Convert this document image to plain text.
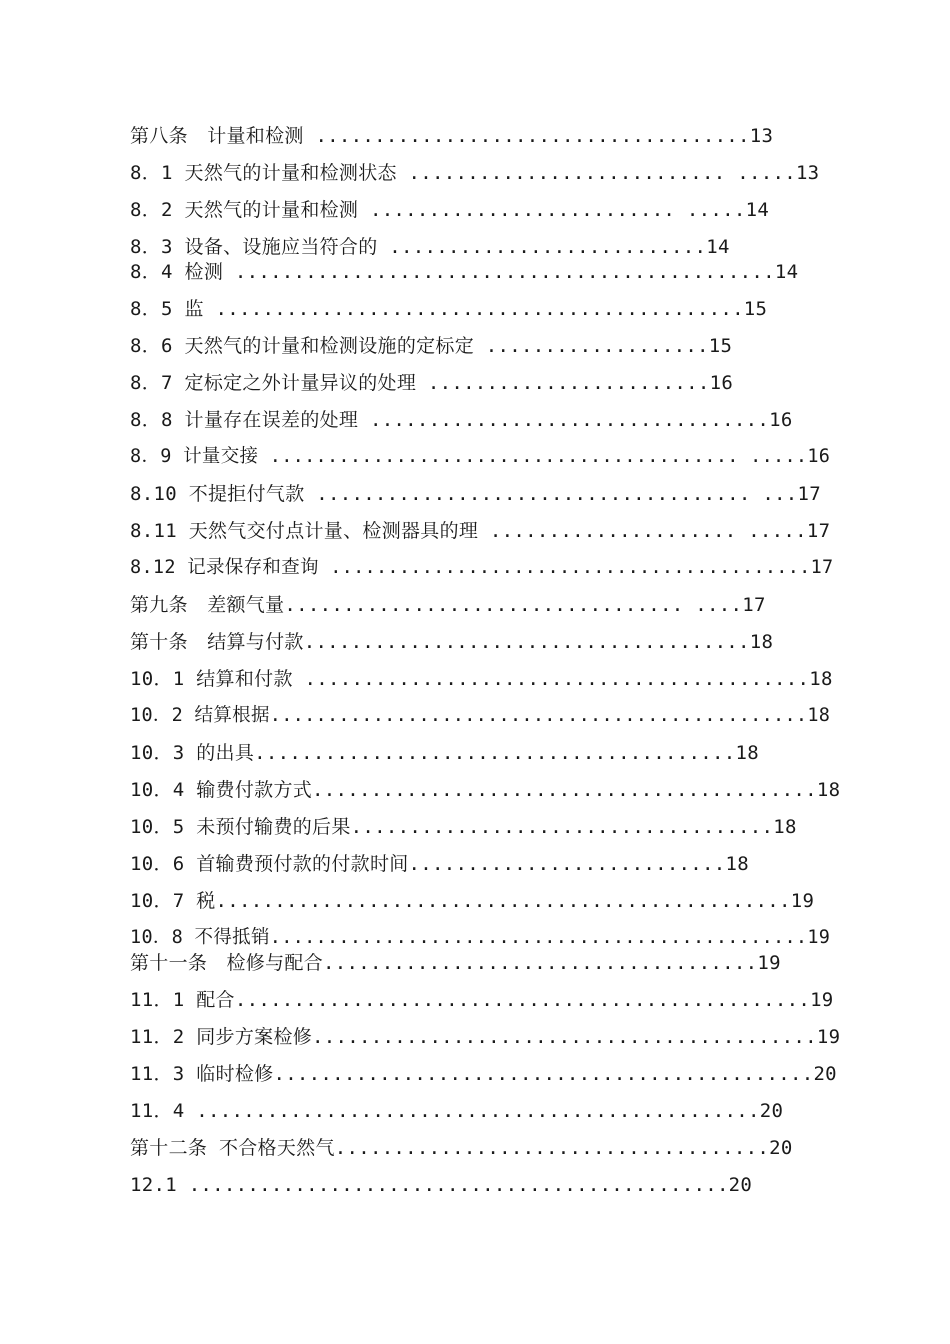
第八条　计量和检测 .....................................13

8．1 天然气的计量和检测状态 ........................... .....13

8．2 天然气的计量和检测 .......................... .....14

8．3 设备、设施应当符合的 ...........................14

8．4 检测 ..............................................14

8．5 监 .............................................15

8．6 天然气的计量和检测设施的定标定 ...................15

8．7 定标定之外计量异议的处理 ........................16

8．8 计量存在误差的处理 ..................................16

8．9 计量交接 ......................................... .....16

8.10 不提拒付气款 ..................................... ...17

8.11 天然气交付点计量、检测器具的理 ..................... .....17

8.12 记录保存和查询 ..........................................17

第九条　差额气量.................................. ....17

第十条　结算与付款......................................18

10．1 结算和付款 ...........................................18

10．2 结算根据...............................................18

10．3 的出具.........................................18

10．4 输费付款方式...........................................18

10．5 未预付输费的后果....................................18

10．6 首输费预付款的付款时间...........................18

10．7 税.................................................19

10．8 不得抵销...............................................19

第十一条　检修与配合.....................................19

11．1 配合.................................................19

11．2 同步方案检修...........................................19

11．3 临时检修..............................................20

11．4 ................................................20

第十二条 不合格天然气.....................................20

12.1 ..............................................20
